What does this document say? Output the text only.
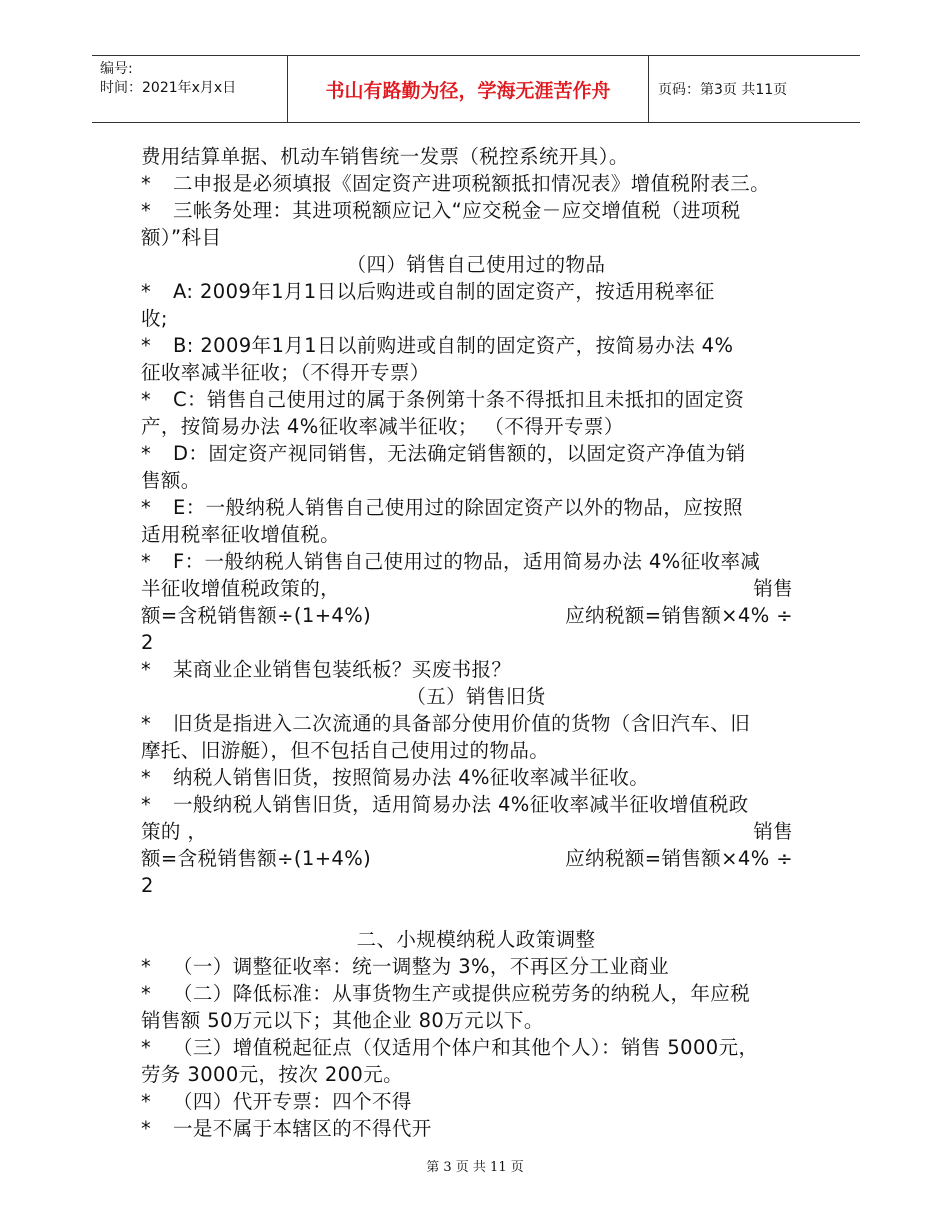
编号:
时间：2021年x月x日	书山有路勤为径，学海无涯苦作舟	页码：第3页 共11页
费用结算单据、机动车销售统一发票（税控系统开具）。
* 二申报是必须填报《固定资产进项税额抵扣情况表》增值税附表三。
* 三帐务处理：其进项税额应记入“应交税金－应交增值税（进项税
额）”科目
（四）销售自己使用过的物品
* A: 2009年1月1日以后购进或自制的固定资产，按适用税率征
收;
* B: 2009年1月1日以前购进或自制的固定资产，按简易办法 4%
征收率减半征收；（不得开专票）
* C：销售自己使用过的属于条例第十条不得抵扣且未抵扣的固定资
产，按简易办法 4%征收率减半征收； （不得开专票）
* D：固定资产视同销售，无法确定销售额的，以固定资产净值为销
售额。
* E：一般纳税人销售自己使用过的除固定资产以外的物品，应按照
适用税率征收增值税。
* F：一般纳税人销售自己使用过的物品，适用简易办法 4%征收率减
半征收增值税政策的，	销售
额=含税销售额÷(1+4%)	应纳税额=销售额×4% ÷
2
* 某商业企业销售包装纸板？买废书报？
（五）销售旧货
* 旧货是指进入二次流通的具备部分使用价值的货物（含旧汽车、旧
摩托、旧游艇），但不包括自己使用过的物品。
* 纳税人销售旧货，按照简易办法 4%征收率减半征收。
* 一般纳税人销售旧货，适用简易办法 4%征收率减半征收增值税政
策的 ，	销售
额=含税销售额÷(1+4%)	应纳税额=销售额×4% ÷
2
二、小规模纳税人政策调整
* （一）调整征收率：统一调整为 3%，不再区分工业商业
* （二）降低标准：从事货物生产或提供应税劳务的纳税人，年应税
销售额 50万元以下；其他企业 80万元以下。
* （三）增值税起征点（仅适用个体户和其他个人）：销售 5000元，
劳务 3000元，按次 200元。
* （四）代开专票：四个不得
* 一是不属于本辖区的不得代开
第 3 页 共 11 页
